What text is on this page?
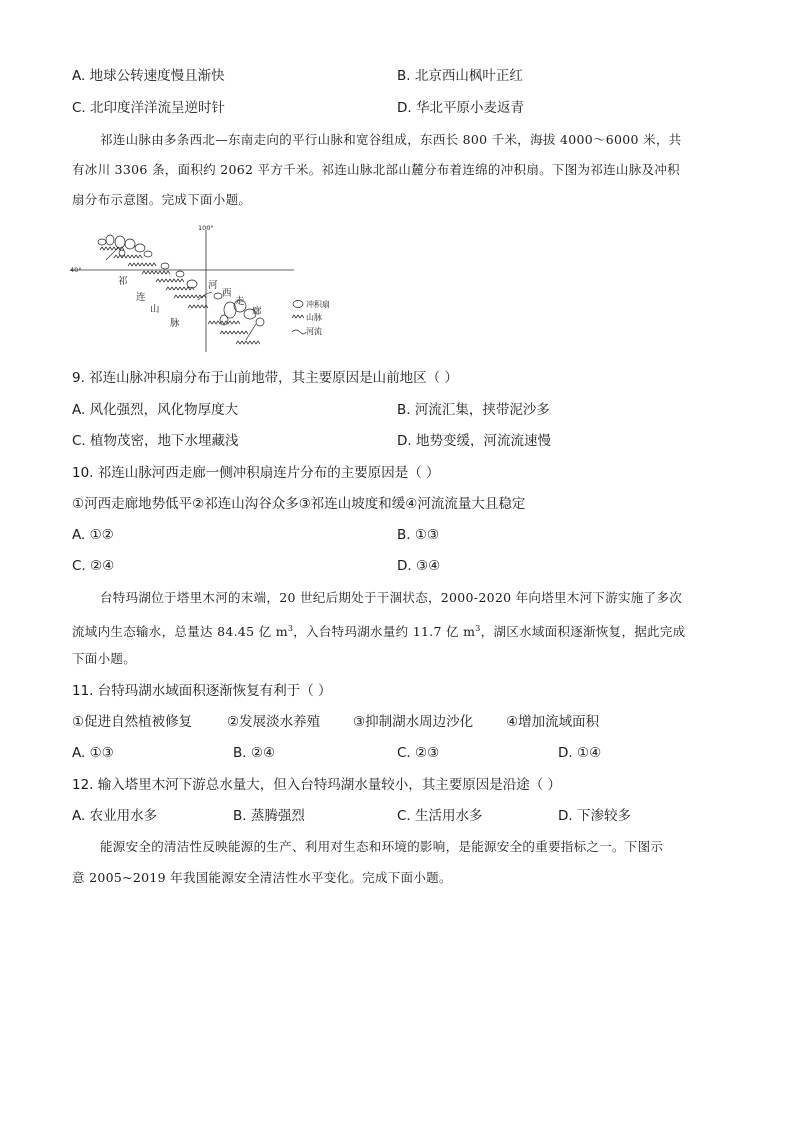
A. 地球公转速度慢且渐快	B. 北京西山枫叶正红
C. 北印度洋洋流呈逆时针	D. 华北平原小麦返青
祁连山脉由多条西北—东南走向的平行山脉和宽谷组成，东西长 800 千米，海拔 4000～6000 米，共
有冰川 3306 条，面积约 2062 平方千米。祁连山脉北部山麓分布着连绵的冲积扇。下图为祁连山脉及冲积
扇分布示意图。完成下面小题。
100°
40°
祁
连
山
脉
河
西
走
廊
冲积扇
山脉
河流
9. 祁连山脉冲积扇分布于山前地带，其主要原因是山前地区（ ）
A. 风化强烈，风化物厚度大	B. 河流汇集，挟带泥沙多
C. 植物茂密，地下水埋藏浅	D. 地势变缓，河流流速慢
10. 祁连山脉河西走廊一侧冲积扇连片分布的主要原因是（ ）
①河西走廊地势低平②祁连山沟谷众多③祁连山坡度和缓④河流流量大且稳定
A. ①②	B. ①③
C. ②④	D. ③④
台特玛湖位于塔里木河的末端，20 世纪后期处于干涸状态，2000-2020 年向塔里木河下游实施了多次
流域内生态输水，总量达 84.45 亿 $m^3$，入台特玛湖水量约 11.7 亿 $m^3$，湖区水域面积逐渐恢复，据此完成
下面小题。
11. 台特玛湖水域面积逐渐恢复有利于（ ）
①促进自然植被修复	②发展淡水养殖 ③抑制湖水周边沙化 ④增加流域面积
A. ①③	B. ②④	C. ②③	D. ①④
12. 输入塔里木河下游总水量大，但入台特玛湖水量较小，其主要原因是沿途（ ）
A. 农业用水多	B. 蒸腾强烈	C. 生活用水多	D. 下渗较多
能源安全的清洁性反映能源的生产、利用对生态和环境的影响，是能源安全的重要指标之一。下图示
意 2005~2019 年我国能源安全清洁性水平变化。完成下面小题。
